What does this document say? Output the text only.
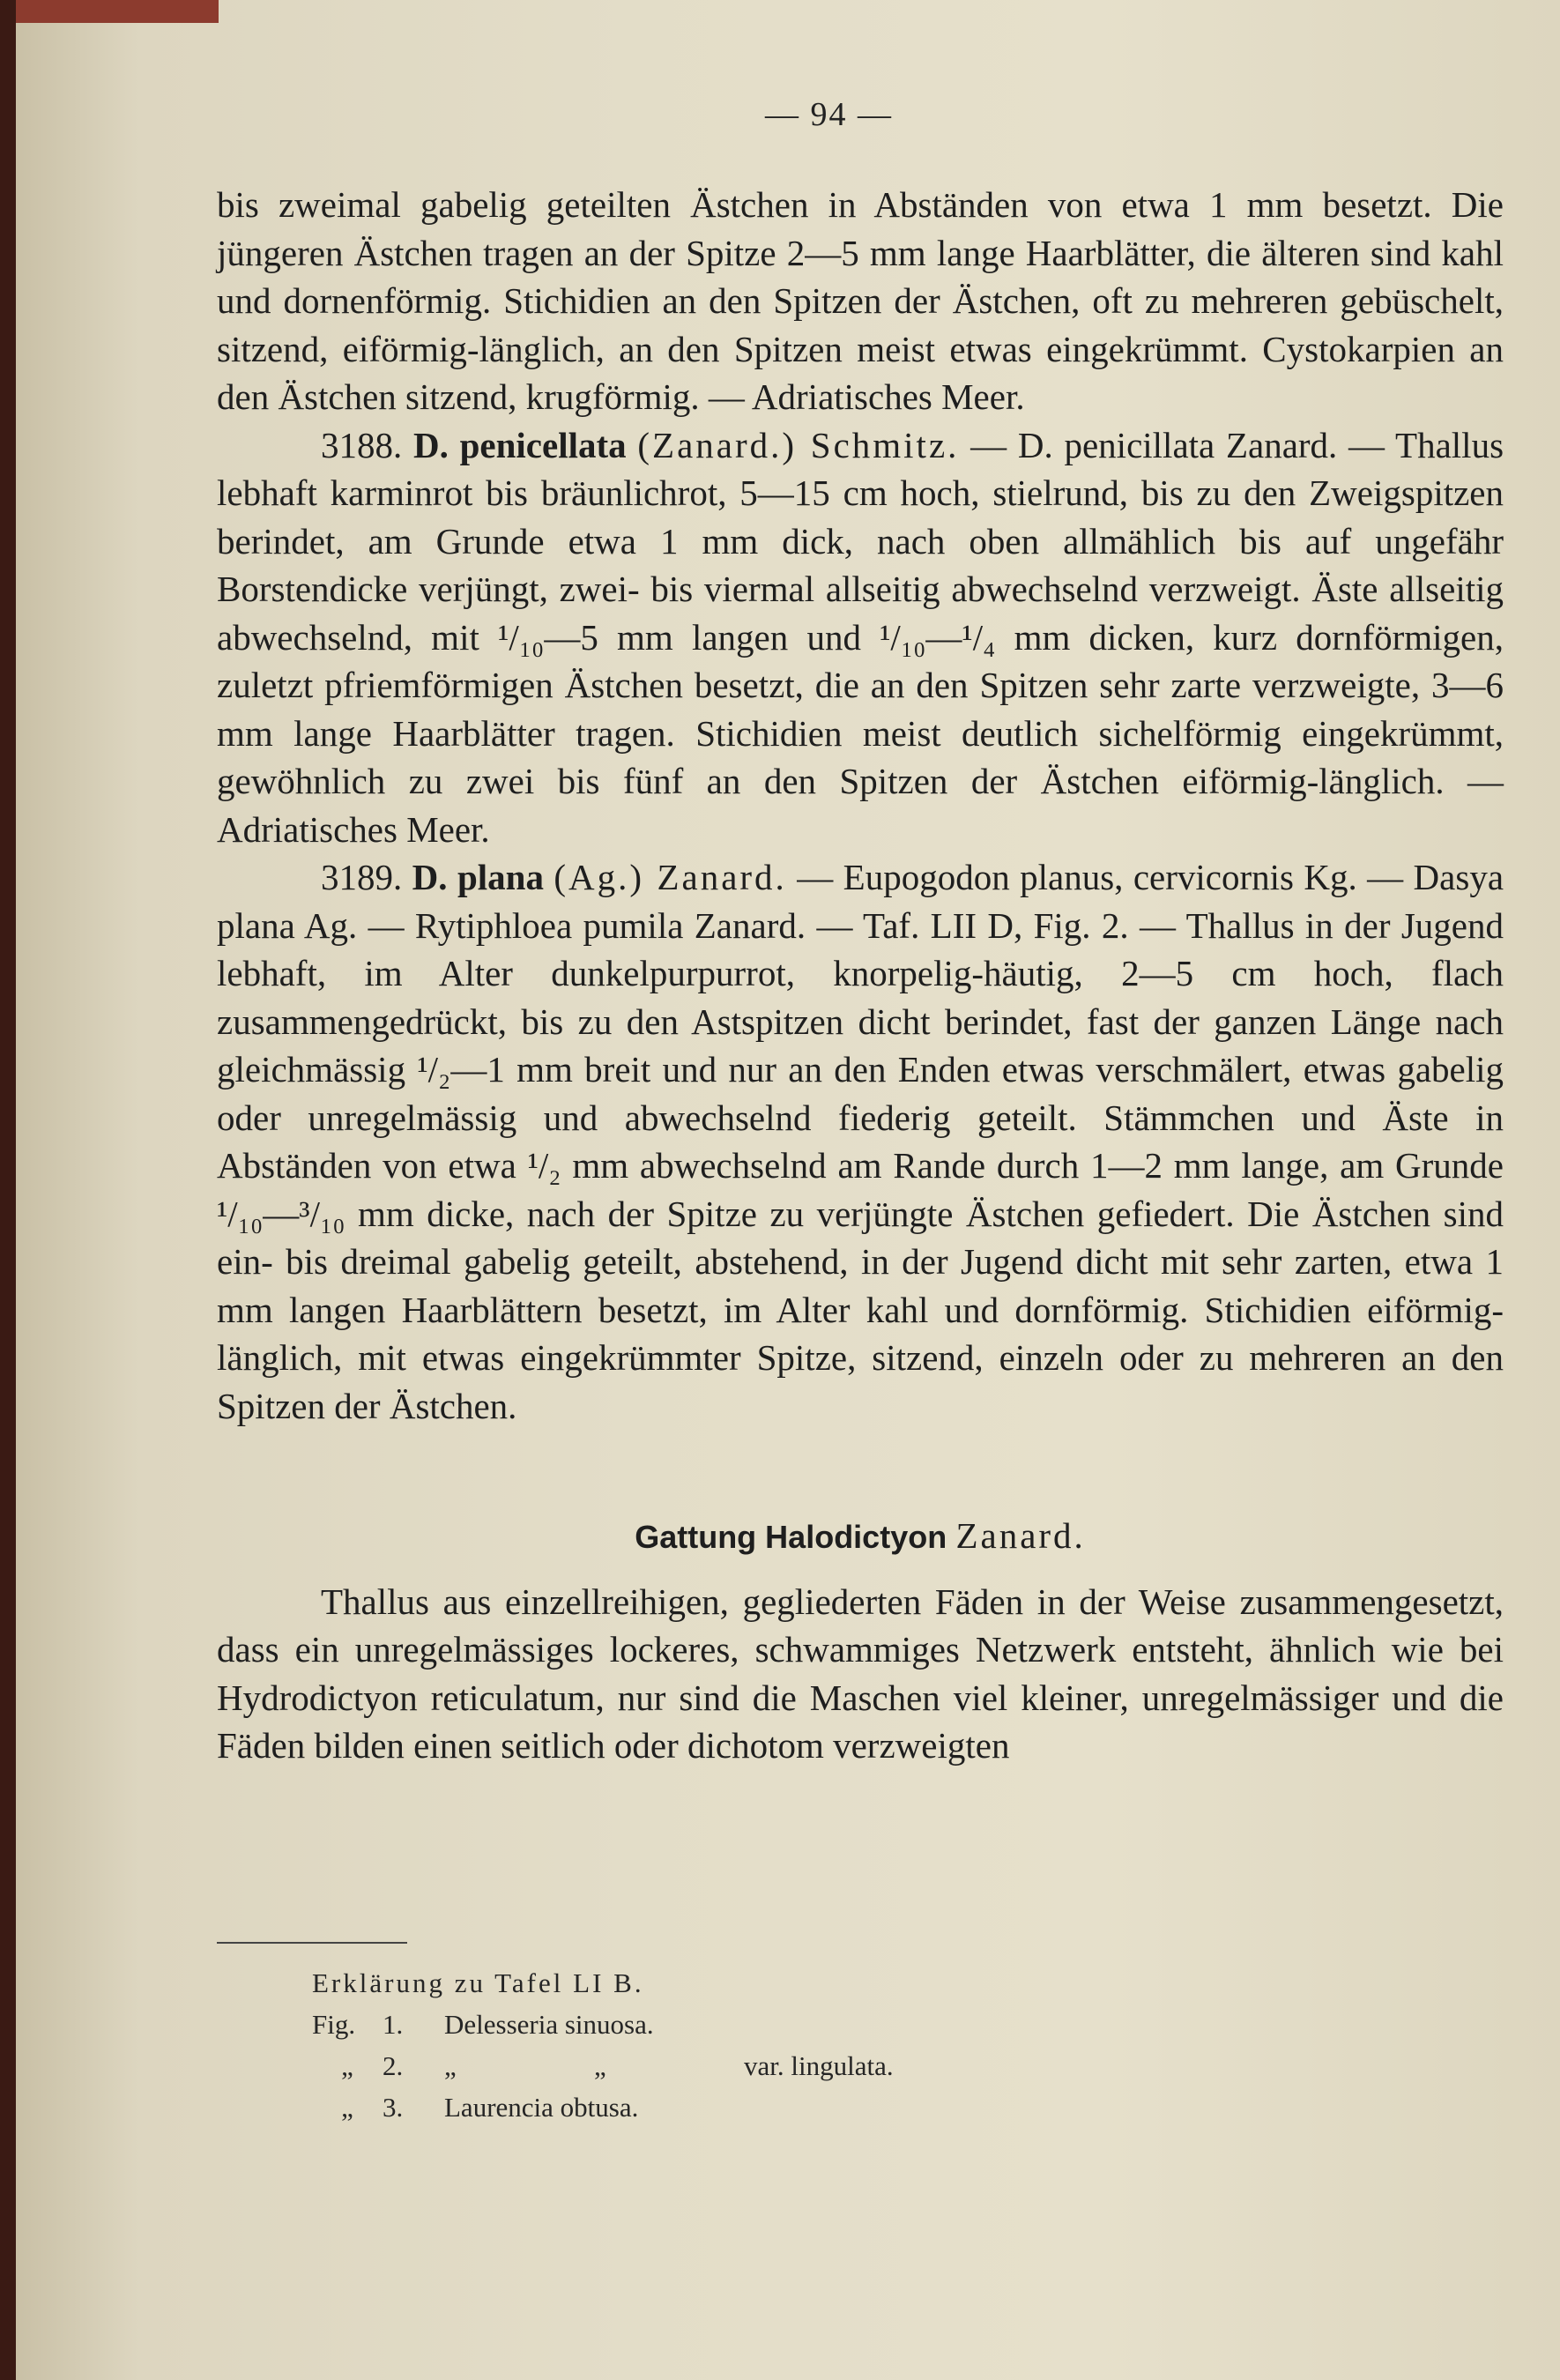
— 94 —

bis zweimal gabelig geteilten Ästchen in Abständen von etwa 1 mm besetzt. Die jüngeren Ästchen tragen an der Spitze 2—5 mm lange Haarblätter, die älteren sind kahl und dornenförmig. Stichidien an den Spitzen der Ästchen, oft zu mehreren gebüschelt, sitzend, eiförmig-länglich, an den Spitzen meist etwas eingekrümmt. Cystokarpien an den Ästchen sitzend, krugförmig. — Adriatisches Meer.

3188. D. penicellata (Zanard.) Schmitz. — D. penicillata Zanard. — Thallus lebhaft karminrot bis bräunlichrot, 5—15 cm hoch, stielrund, bis zu den Zweigspitzen berindet, am Grunde etwa 1 mm dick, nach oben allmählich bis auf ungefähr Borstendicke verjüngt, zwei- bis viermal allseitig abwechselnd verzweigt. Äste allseitig abwechselnd, mit ¹/₁₀—5 mm langen und ¹/₁₀—¹/₄ mm dicken, kurz dornförmigen, zuletzt pfriemförmigen Ästchen besetzt, die an den Spitzen sehr zarte verzweigte, 3—6 mm lange Haarblätter tragen. Stichidien meist deutlich sichelförmig eingekrümmt, gewöhnlich zu zwei bis fünf an den Spitzen der Ästchen eiförmig-länglich. — Adriatisches Meer.

3189. D. plana (Ag.) Zanard. — Eupogodon planus, cervicornis Kg. — Dasya plana Ag. — Rytiphloea pumila Zanard. — Taf. LII D, Fig. 2. — Thallus in der Jugend lebhaft, im Alter dunkelpurpurrot, knorpelig-häutig, 2—5 cm hoch, flach zusammengedrückt, bis zu den Astspitzen dicht berindet, fast der ganzen Länge nach gleichmässig ¹/₂—1 mm breit und nur an den Enden etwas verschmälert, etwas gabelig oder unregelmässig und abwechselnd fiederig geteilt. Stämmchen und Äste in Abständen von etwa ¹/₂ mm abwechselnd am Rande durch 1—2 mm lange, am Grunde ¹/₁₀—³/₁₀ mm dicke, nach der Spitze zu verjüngte Ästchen gefiedert. Die Ästchen sind ein- bis dreimal gabelig geteilt, abstehend, in der Jugend dicht mit sehr zarten, etwa 1 mm langen Haarblättern besetzt, im Alter kahl und dornförmig. Stichidien eiförmig-länglich, mit etwas eingekrümmter Spitze, sitzend, einzeln oder zu mehreren an den Spitzen der Ästchen.

Gattung Halodictyon Zanard.

Thallus aus einzellreihigen, gegliederten Fäden in der Weise zusammengesetzt, dass ein unregelmässiges lockeres, schwammiges Netzwerk entsteht, ähnlich wie bei Hydrodictyon reticulatum, nur sind die Maschen viel kleiner, unregelmässiger und die Fäden bilden einen seitlich oder dichotom verzweigten

Erklärung zu Tafel LI B.
Fig. 1. Delesseria sinuosa.
„ 2. „	„	var. lingulata.
„ 3. Laurencia obtusa.
